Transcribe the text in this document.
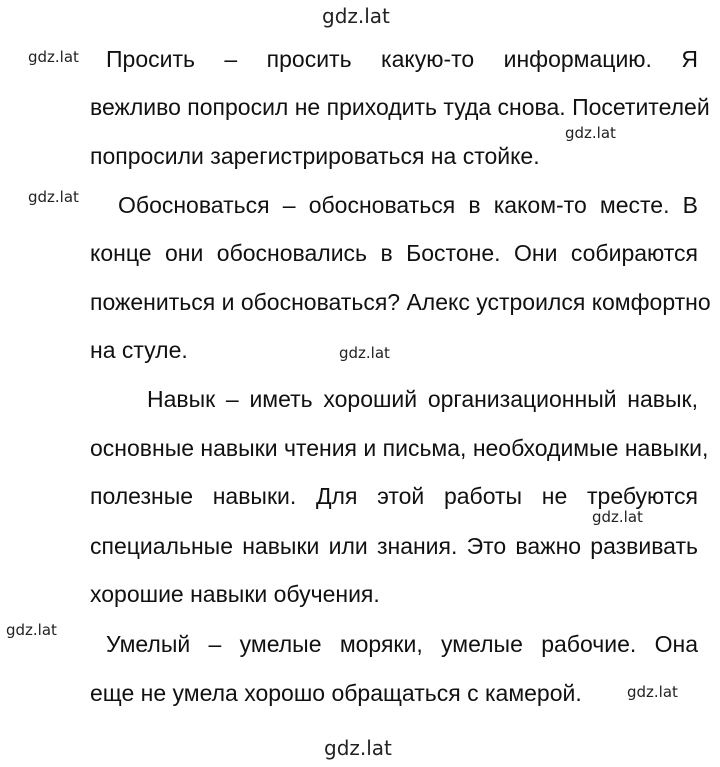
gdz.lat
gdz.lat Просить – просить какую-то информацию. Я
вежливо попросил не приходить туда снова. Посетителей
gdz.lat
попросили зарегистрироваться на стойке.
gdz.lat Обосноваться – обосноваться в каком-то месте. В
конце они обосновались в Бостоне. Они собираются
пожениться и обосноваться? Алекс устроился комфортно
на стуле.	gdz.lat
Навык – иметь хороший организационный навык,
основные навыки чтения и письма, необходимые навыки,
полезные навыки. Для этой работы не требуются
gdz.lat
специальные навыки или знания. Это важно развивать
хорошие навыки обучения.
gdz.lat
Умелый – умелые моряки, умелые рабочие. Она
еще не умела хорошо обращаться с камерой.	gdz.lat
gdz.lat
